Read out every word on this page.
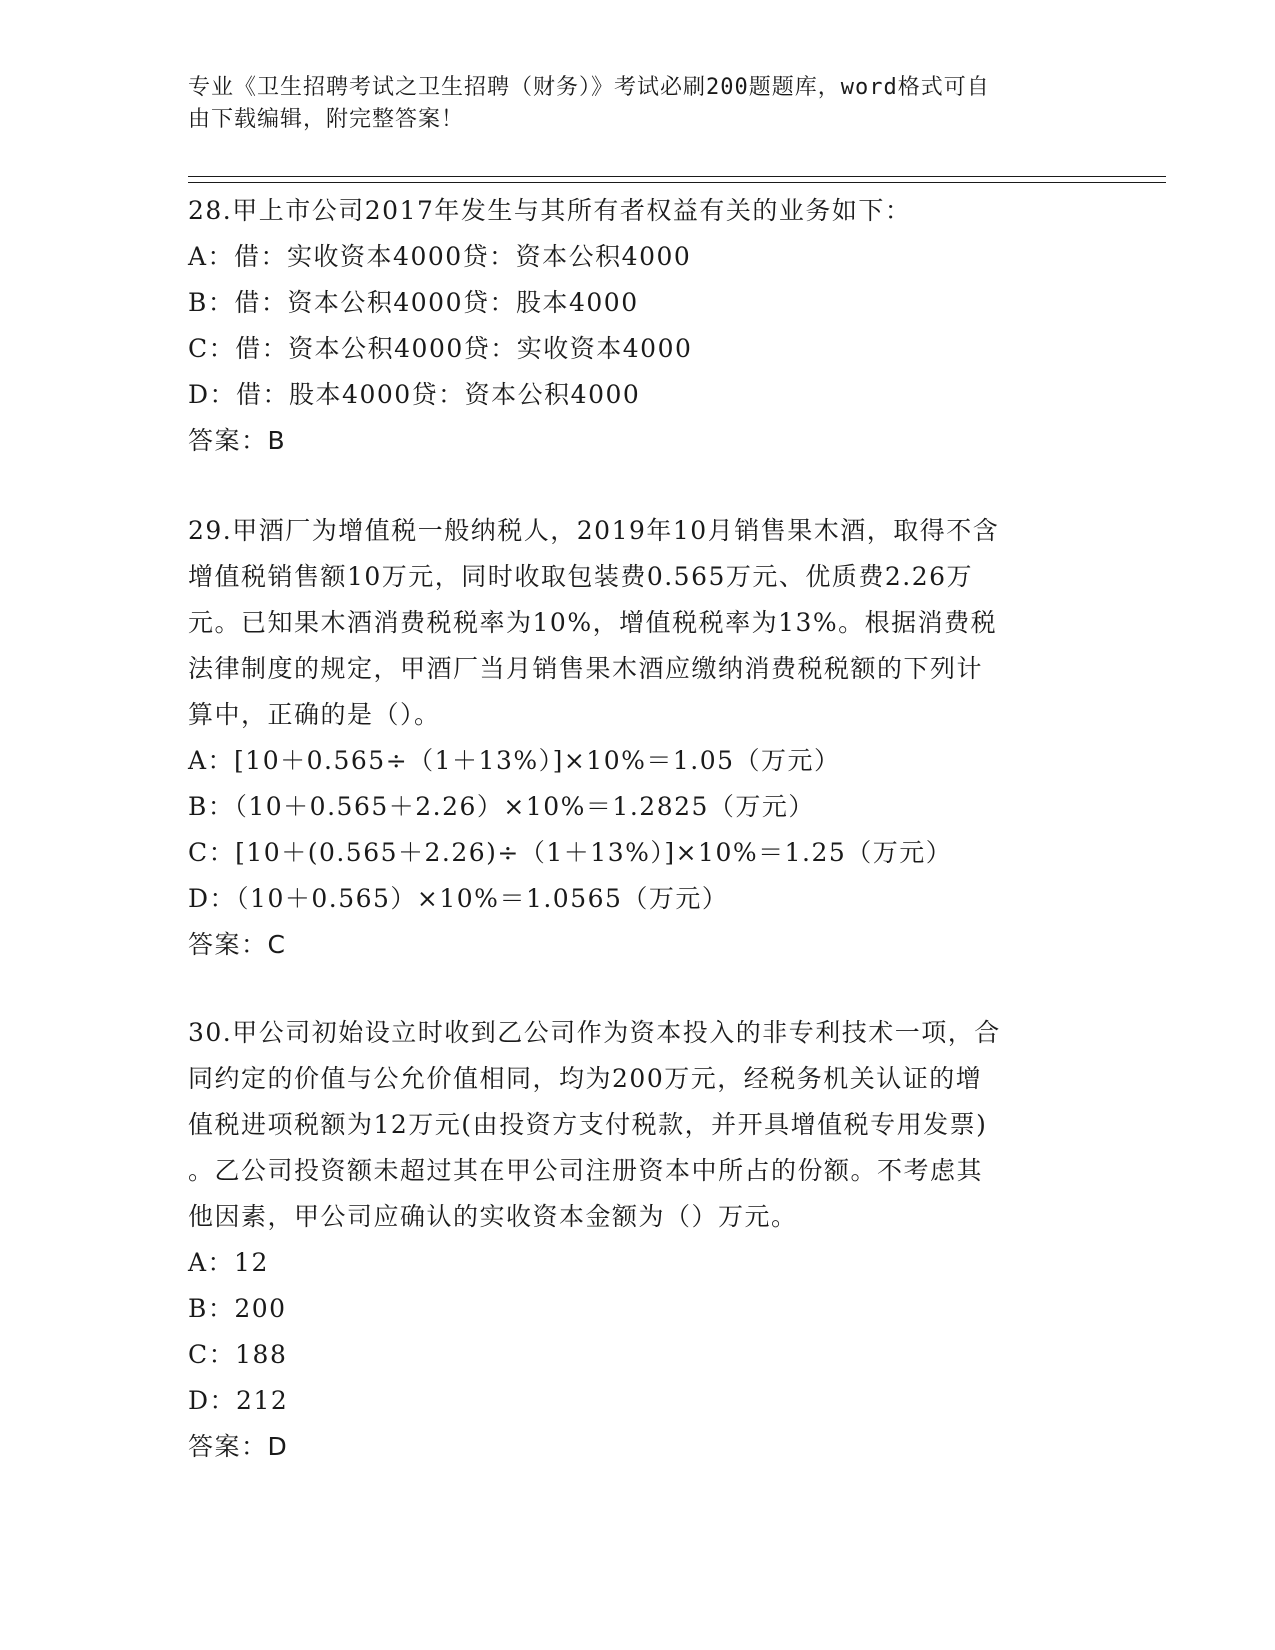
专业《卫生招聘考试之卫生招聘（财务）》考试必刷200题题库，word格式可自
由下载编辑，附完整答案！

28.甲上市公司2017年发生与其所有者权益有关的业务如下：

A：借：实收资本4000贷：资本公积4000

B：借：资本公积4000贷：股本4000

C：借：资本公积4000贷：实收资本4000

D：借：股本4000贷：资本公积4000

答案：B

29.甲酒厂为增值税一般纳税人，2019年10月销售果木酒，取得不含

增值税销售额10万元，同时收取包装费0.565万元、优质费2.26万

元。已知果木酒消费税税率为10%，增值税税率为13%。根据消费税

法律制度的规定，甲酒厂当月销售果木酒应缴纳消费税税额的下列计

算中，正确的是（）。

A：[10＋0.565÷（1＋13%）]×10%＝1.05（万元）

B：（10＋0.565＋2.26）×10%＝1.2825（万元）

C：[10＋(0.565＋2.26)÷（1＋13%）]×10%＝1.25（万元）

D：（10＋0.565）×10%＝1.0565（万元）

答案：C

30.甲公司初始设立时收到乙公司作为资本投入的非专利技术一项，合

同约定的价值与公允价值相同，均为200万元，经税务机关认证的增

值税进项税额为12万元(由投资方支付税款，并开具增值税专用发票)

。乙公司投资额未超过其在甲公司注册资本中所占的份额。不考虑其

他因素，甲公司应确认的实收资本金额为（）万元。

A：12

B：200

C：188

D：212

答案：D
